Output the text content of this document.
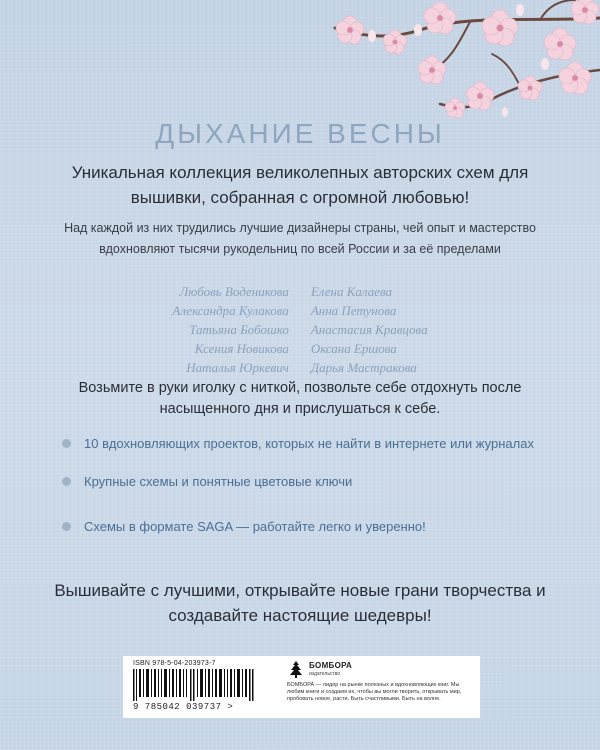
ДЫХАНИЕ ВЕСНЫ
Уникальная коллекция великолепных авторских схем для вышивки, собранная с огромной любовью!
Над каждой из них трудились лучшие дизайнеры страны, чей опыт и мастерство вдохновляют тысячи рукодельниц по всей России и за её пределами
Любовь Воденикова
Александра Кулакова
Татьяна Бобошко
Ксения Новикова
Наталья Юркевич
Елена Калаева
Анна Петунова
Анастасия Кравцова
Оксана Ершова
Дарья Мастракова
Возьмите в руки иголку с ниткой, позвольте себе отдохнуть после насыщенного дня и прислушаться к себе.
10 вдохновляющих проектов, которых не найти в интернете или журналах
Крупные схемы и понятные цветовые ключи
Схемы в формате SAGA — работайте легко и уверенно!
Вышивайте с лучшими, открывайте новые грани творчества и создавайте настоящие шедевры!
ISBN 978-5-04-203973-7
9 785042 039737 >
БОМБОРА
издательство
БОМБОРА — лидер на рынке полезных и вдохновляющих книг. Мы любим книги и создаем их, чтобы вы могли творить, открывать мир, пробовать новое, расти. Быть счастливыми. Быть на волне.
